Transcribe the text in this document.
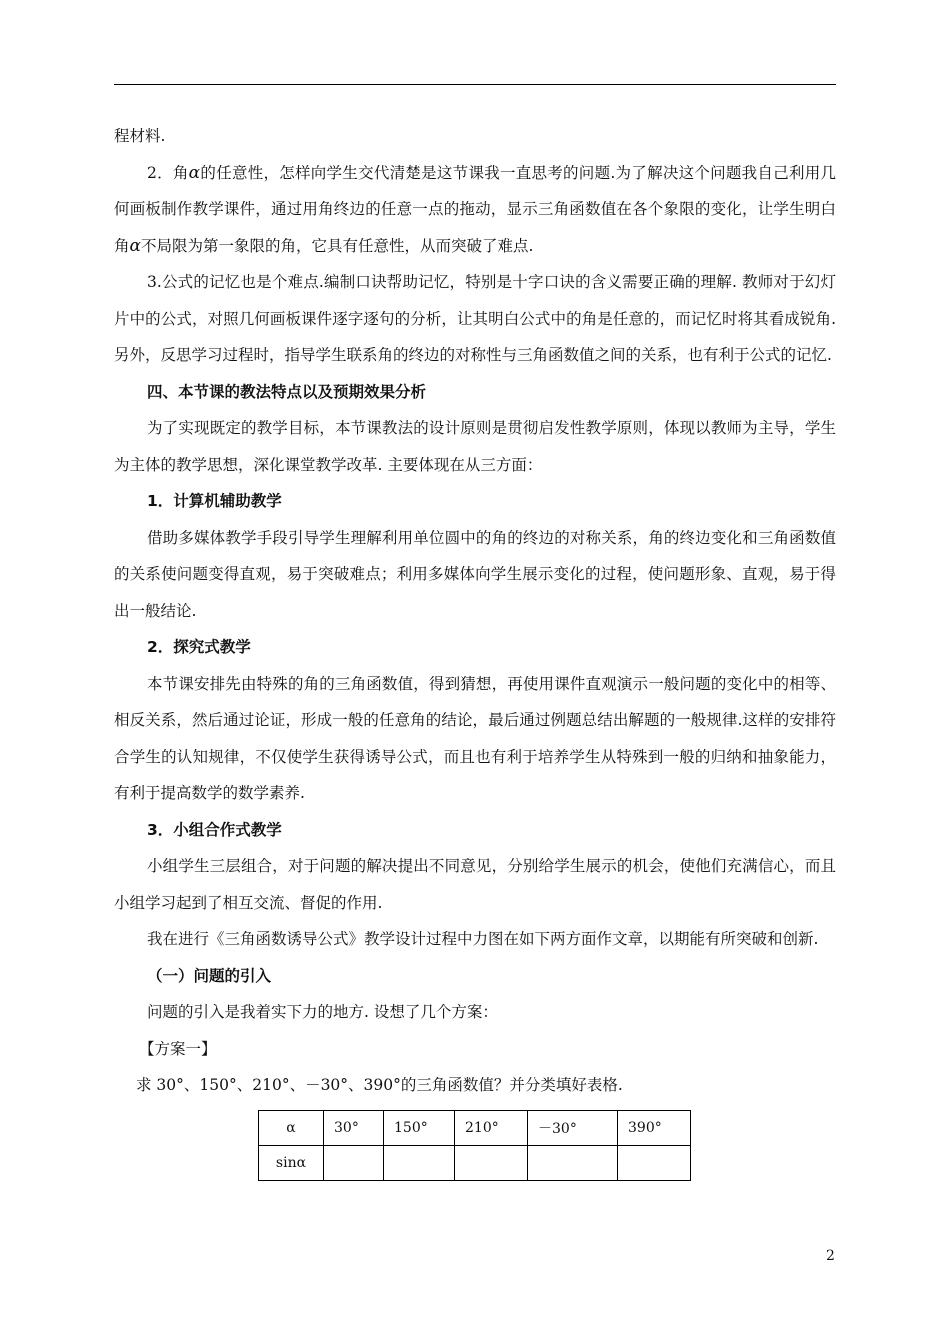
程材料.

2．角α的任意性，怎样向学生交代清楚是这节课我一直思考的问题.为了解决这个问题我自己利用几何画板制作教学课件，通过用角终边的任意一点的拖动，显示三角函数值在各个象限的变化，让学生明白角α不局限为第一象限的角，它具有任意性，从而突破了难点.

3.公式的记忆也是个难点.编制口诀帮助记忆，特别是十字口诀的含义需要正确的理解. 教师对于幻灯片中的公式，对照几何画板课件逐字逐句的分析，让其明白公式中的角是任意的，而记忆时将其看成锐角.另外，反思学习过程时，指导学生联系角的终边的对称性与三角函数值之间的关系，也有利于公式的记忆.

四、本节课的教法特点以及预期效果分析

为了实现既定的教学目标，本节课教法的设计原则是贯彻启发性教学原则，体现以教师为主导，学生为主体的教学思想，深化课堂教学改革. 主要体现在从三方面：

1．计算机辅助教学

借助多媒体教学手段引导学生理解利用单位圆中的角的终边的对称关系，角的终边变化和三角函数值的关系使问题变得直观，易于突破难点；利用多媒体向学生展示变化的过程，使问题形象、直观，易于得出一般结论.

2．探究式教学

本节课安排先由特殊的角的三角函数值，得到猜想，再使用课件直观演示一般问题的变化中的相等、相反关系，然后通过论证，形成一般的任意角的结论，最后通过例题总结出解题的一般规律.这样的安排符合学生的认知规律，不仅使学生获得诱导公式，而且也有利于培养学生从特殊到一般的归纳和抽象能力，有利于提高数学的数学素养.

3．小组合作式教学

小组学生三层组合，对于问题的解决提出不同意见，分别给学生展示的机会，使他们充满信心，而且小组学习起到了相互交流、督促的作用.

我在进行《三角函数诱导公式》教学设计过程中力图在如下两方面作文章，以期能有所突破和创新.

（一）问题的引入

问题的引入是我着实下力的地方. 设想了几个方案：

【方案一】

求 30°、150°、210°、－30°、390°的三角函数值？并分类填好表格.

α	30°	150°	210°	－30°	390°
sinα					
2
